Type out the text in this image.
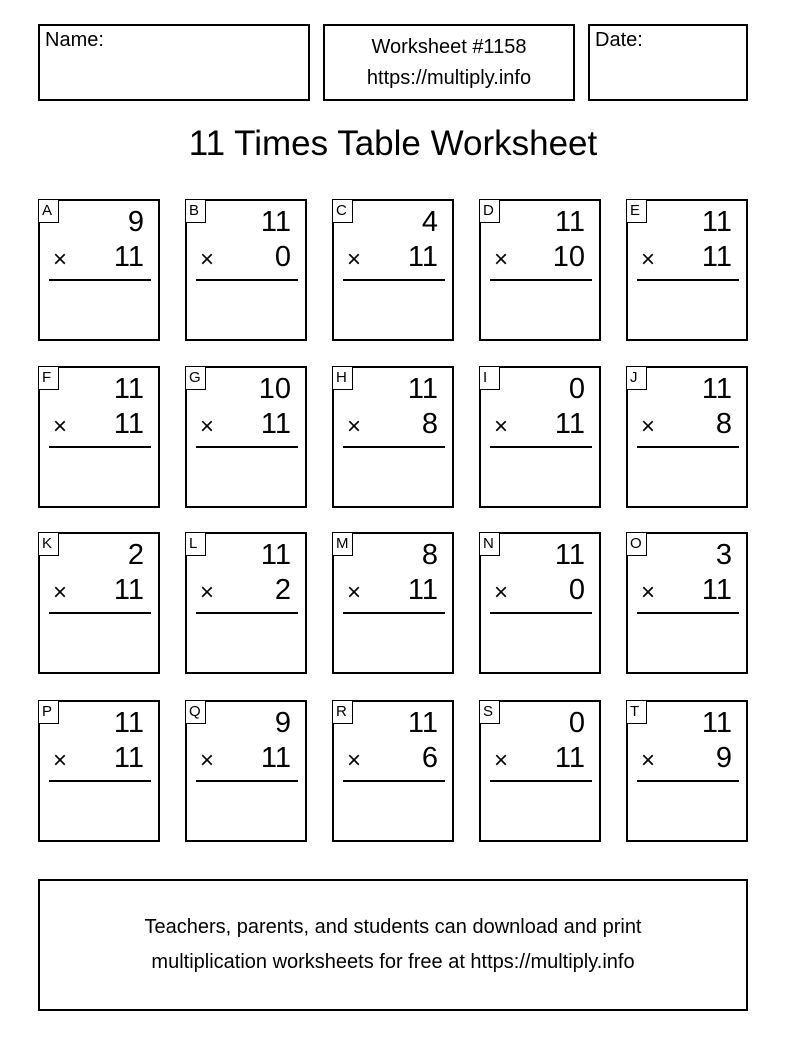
Name:	Worksheet #1158
https://multiply.info
Date:
11 Times Table Worksheet
A	9
× 11
B 11
× 0
C	4
× 11
D 11
× 10
E 11
× 11
F 11
× 11
G 10
× 11
H 11
× 8
I	0
× 11
J	11
× 8
K	2
× 11
L 11
× 2
M	8
× 11
N 11
× 0
O	3
× 11
P 11
× 11
Q	9
× 11
R 11
× 6
S	0
× 11
T 11
× 9
Teachers, parents, and students can download and print
multiplication worksheets for free at https://multiply.info
